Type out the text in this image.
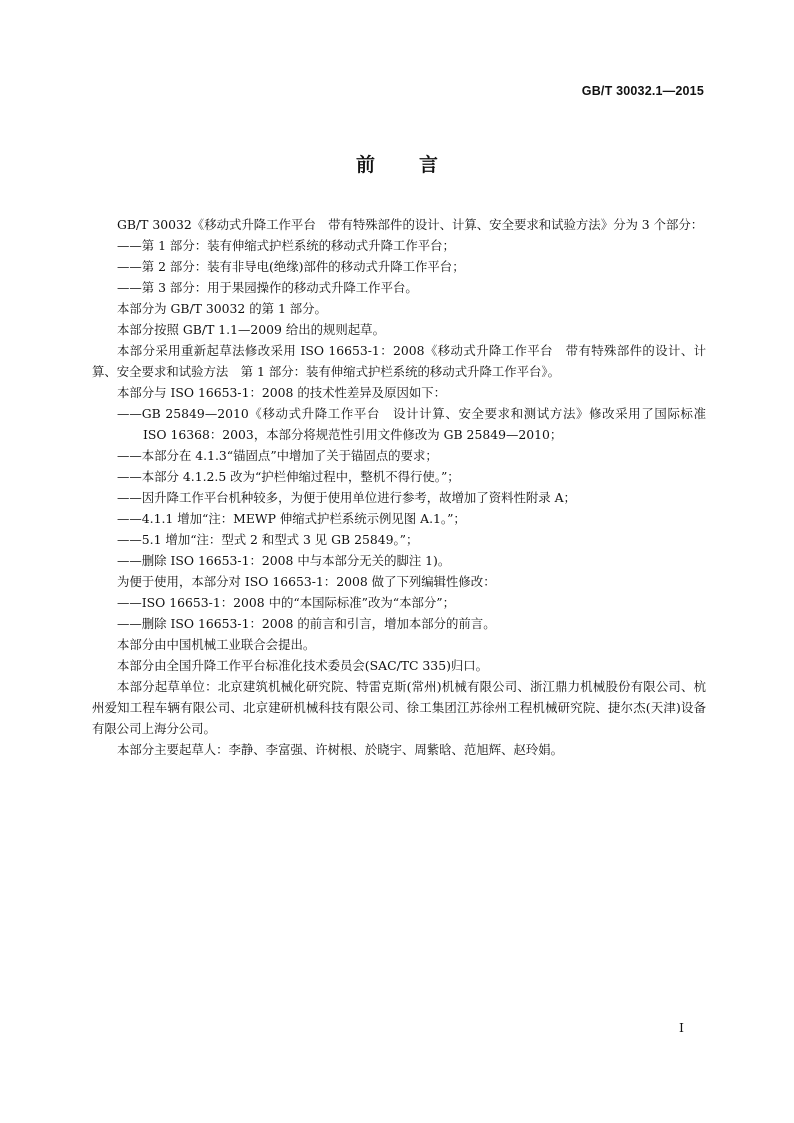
GB/T 30032.1—2015

前言

GB/T 30032《移动式升降工作平台　带有特殊部件的设计、计算、安全要求和试验方法》分为 3 个部分：

——第 1 部分：装有伸缩式护栏系统的移动式升降工作平台；

——第 2 部分：装有非导电(绝缘)部件的移动式升降工作平台；

——第 3 部分：用于果园操作的移动式升降工作平台。

本部分为 GB/T 30032 的第 1 部分。

本部分按照 GB/T 1.1—2009 给出的规则起草。

本部分采用重新起草法修改采用 ISO 16653-1：2008《移动式升降工作平台　带有特殊部件的设计、计算、安全要求和试验方法　第 1 部分：装有伸缩式护栏系统的移动式升降工作平台》。

本部分与 ISO 16653-1：2008 的技术性差异及原因如下：

——GB 25849—2010《移动式升降工作平台　设计计算、安全要求和测试方法》修改采用了国际标准 ISO 16368：2003，本部分将规范性引用文件修改为 GB 25849—2010；

——本部分在 4.1.3“锚固点”中增加了关于锚固点的要求；

——本部分 4.1.2.5 改为“护栏伸缩过程中，整机不得行使。”；

——因升降工作平台机种较多，为便于使用单位进行参考，故增加了资料性附录 A；

——4.1.1 增加“注：MEWP 伸缩式护栏系统示例见图 A.1。”；

——5.1 增加“注：型式 2 和型式 3 见 GB 25849。”；

——删除 ISO 16653-1：2008 中与本部分无关的脚注 1)。

为便于使用，本部分对 ISO 16653-1：2008 做了下列编辑性修改：

——ISO 16653-1：2008 中的“本国际标准”改为“本部分”；

——删除 ISO 16653-1：2008 的前言和引言，增加本部分的前言。

本部分由中国机械工业联合会提出。

本部分由全国升降工作平台标准化技术委员会(SAC/TC 335)归口。

本部分起草单位：北京建筑机械化研究院、特雷克斯(常州)机械有限公司、浙江鼎力机械股份有限公司、杭州爱知工程车辆有限公司、北京建研机械科技有限公司、徐工集团江苏徐州工程机械研究院、捷尔杰(天津)设备有限公司上海分公司。

本部分主要起草人：李静、李富强、许树根、於晓宇、周紫晗、范旭辉、赵玲娟。

I
